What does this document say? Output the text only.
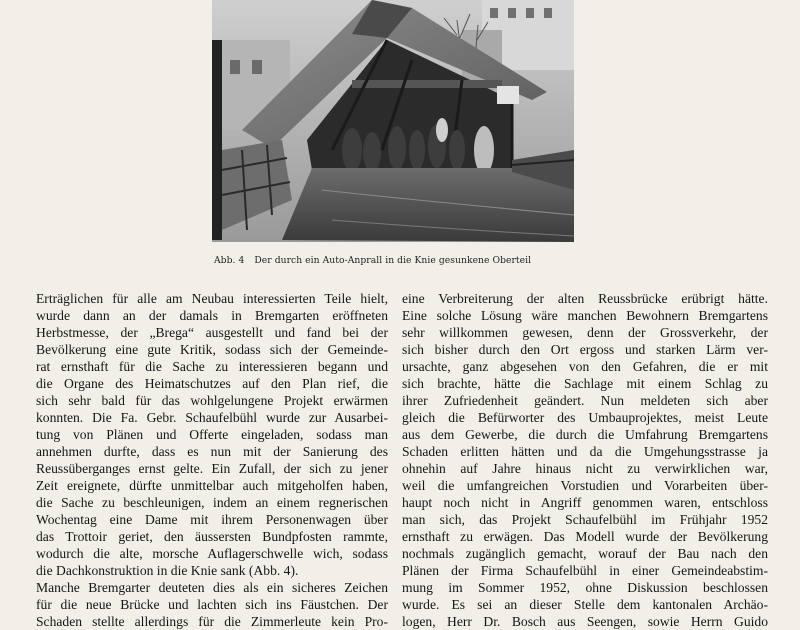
Abb. 4 Der durch ein Auto-Anprall in die Knie gesunkene Oberteil
Erträglichen für alle am Neubau interessierten Teile hielt,
wurde dann an der damals in Bremgarten eröffneten
Herbstmesse, der „Brega“ ausgestellt und fand bei der
Bevölkerung eine gute Kritik, sodass sich der Gemeinde-
rat ernsthaft für die Sache zu interessieren begann und
die Organe des Heimatschutzes auf den Plan rief, die
sich sehr bald für das wohlgelungene Projekt erwärmen
konnten. Die Fa. Gebr. Schaufelbühl wurde zur Ausarbei-
tung von Plänen und Offerte eingeladen, sodass man
annehmen durfte, dass es nun mit der Sanierung des
Reussüberganges ernst gelte. Ein Zufall, der sich zu jener
Zeit ereignete, dürfte unmittelbar auch mitgeholfen haben,
die Sache zu beschleunigen, indem an einem regnerischen
Wochentag eine Dame mit ihrem Personenwagen über
das Trottoir geriet, den äussersten Bundpfosten rammte,
wodurch die alte, morsche Auflagerschwelle wich, sodass
die Dachkonstruktion in die Knie sank (Abb. 4).
Manche Bremgarter deuteten dies als ein sicheres Zeichen
für die neue Brücke und lachten sich ins Fäustchen. Der
Schaden stellte allerdings für die Zimmerleute kein Pro-
eine Verbreiterung der alten Reussbrücke erübrigt hätte.
Eine solche Lösung wäre manchen Bewohnern Bremgartens
sehr willkommen gewesen, denn der Grossverkehr, der
sich bisher durch den Ort ergoss und starken Lärm ver-
ursachte, ganz abgesehen von den Gefahren, die er mit
sich brachte, hätte die Sachlage mit einem Schlag zu
ihrer Zufriedenheit geändert. Nun meldeten sich aber
gleich die Befürworter des Umbauprojektes, meist Leute
aus dem Gewerbe, die durch die Umfahrung Bremgartens
Schaden erlitten hätten und da die Umgehungsstrasse ja
ohnehin auf Jahre hinaus nicht zu verwirklichen war,
weil die umfangreichen Vorstudien und Vorarbeiten über-
haupt noch nicht in Angriff genommen waren, entschloss
man sich, das Projekt Schaufelbühl im Frühjahr 1952
ernsthaft zu erwägen. Das Modell wurde der Bevölkerung
nochmals zugänglich gemacht, worauf der Bau nach den
Plänen der Firma Schaufelbühl in einer Gemeindeabstim-
mung im Sommer 1952, ohne Diskussion beschlossen
wurde. Es sei an dieser Stelle dem kantonalen Archäo-
logen, Herr Dr. Bosch aus Seengen, sowie Herrn Guido
